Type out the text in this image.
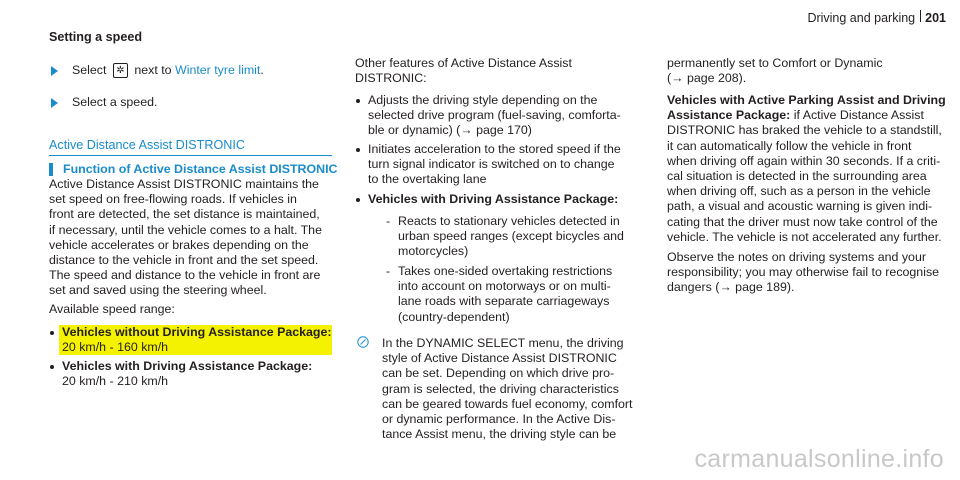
Driving and parking 201

Setting a speed

Select ✲ next to Winter tyre limit.
Select a speed.
Active Distance Assist DISTRONIC
Function of Active Distance Assist DISTRONIC
Active Distance Assist DISTRONIC maintains the
set speed on free-flowing roads. If vehicles in
front are detected, the set distance is maintained,
if necessary, until the vehicle comes to a halt. The
vehicle accelerates or brakes depending on the
distance to the vehicle in front and the set speed.
The speed and distance to the vehicle in front are
set and saved using the steering wheel.
Available speed range:
Vehicles without Driving Assistance Package:
20 km/h - 160 km/h
Vehicles with Driving Assistance Package:
20 km/h - 210 km/h
Other features of Active Distance Assist
DISTRONIC:
Adjusts the driving style depending on the
selected drive program (fuel-saving, comforta-
ble or dynamic) (→ page 170)
Initiates acceleration to the stored speed if the
turn signal indicator is switched on to change
to the overtaking lane
Vehicles with Driving Assistance Package:
- Reacts to stationary vehicles detected in
urban speed ranges (except bicycles and
motorcycles)
- Takes one-sided overtaking restrictions
into account on motorways or on multi-
lane roads with separate carriageways
(country-dependent)
In the DYNAMIC SELECT menu, the driving
style of Active Distance Assist DISTRONIC
can be set. Depending on which drive pro-
gram is selected, the driving characteristics
can be geared towards fuel economy, comfort
or dynamic performance. In the Active Dis-
tance Assist menu, the driving style can be
permanently set to Comfort or Dynamic
(→ page 208).
Vehicles with Active Parking Assist and Driving
Assistance Package: if Active Distance Assist
DISTRONIC has braked the vehicle to a standstill,
it can automatically follow the vehicle in front
when driving off again within 30 seconds. If a criti-
cal situation is detected in the surrounding area
when driving off, such as a person in the vehicle
path, a visual and acoustic warning is given indi-
cating that the driver must now take control of the
vehicle. The vehicle is not accelerated any further.
Observe the notes on driving systems and your
responsibility; you may otherwise fail to recognise
dangers (→ page 189).
carmanualsonline.info
